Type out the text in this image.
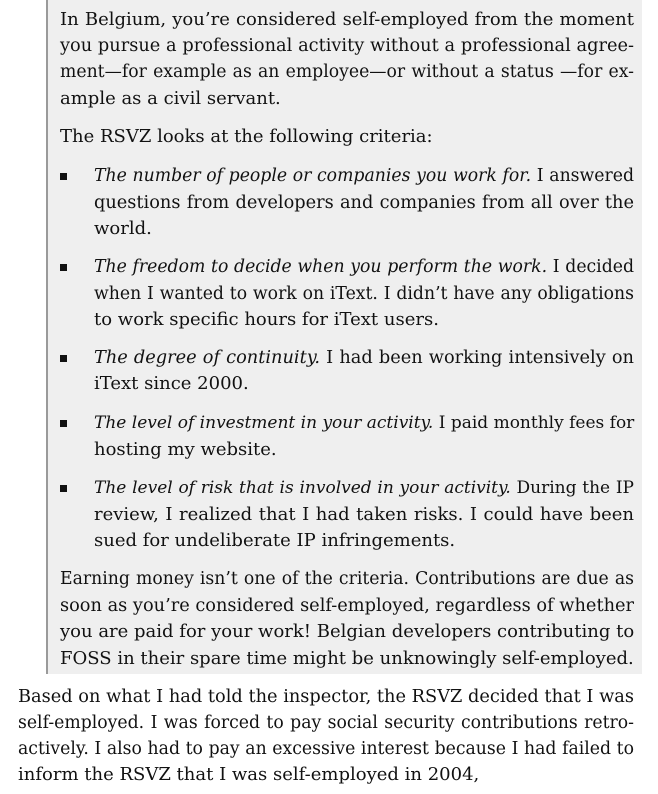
In Belgium, you’re considered self-employed from the moment
you pursue a professional activity without a professional agree-
ment—for example as an employee—or without a status —for ex-
ample as a civil servant.
The RSVZ looks at the following criteria:
The number of people or companies you work for. I answered
questions from developers and companies from all over the
world.
The freedom to decide when you perform the work. I decided
when I wanted to work on iText. I didn’t have any obligations
to work specific hours for iText users.
The degree of continuity. I had been working intensively on
iText since 2000.
The level of investment in your activity. I paid monthly fees for
hosting my website.
The level of risk that is involved in your activity. During the IP
review, I realized that I had taken risks. I could have been
sued for undeliberate IP infringements.
Earning money isn’t one of the criteria. Contributions are due as
soon as you’re considered self-employed, regardless of whether
you are paid for your work! Belgian developers contributing to
FOSS in their spare time might be unknowingly self-employed.
Based on what I had told the inspector, the RSVZ decided that I was
self-employed. I was forced to pay social security contributions retro-
actively. I also had to pay an excessive interest because I had failed to
inform the RSVZ that I was self-employed in 2004,
